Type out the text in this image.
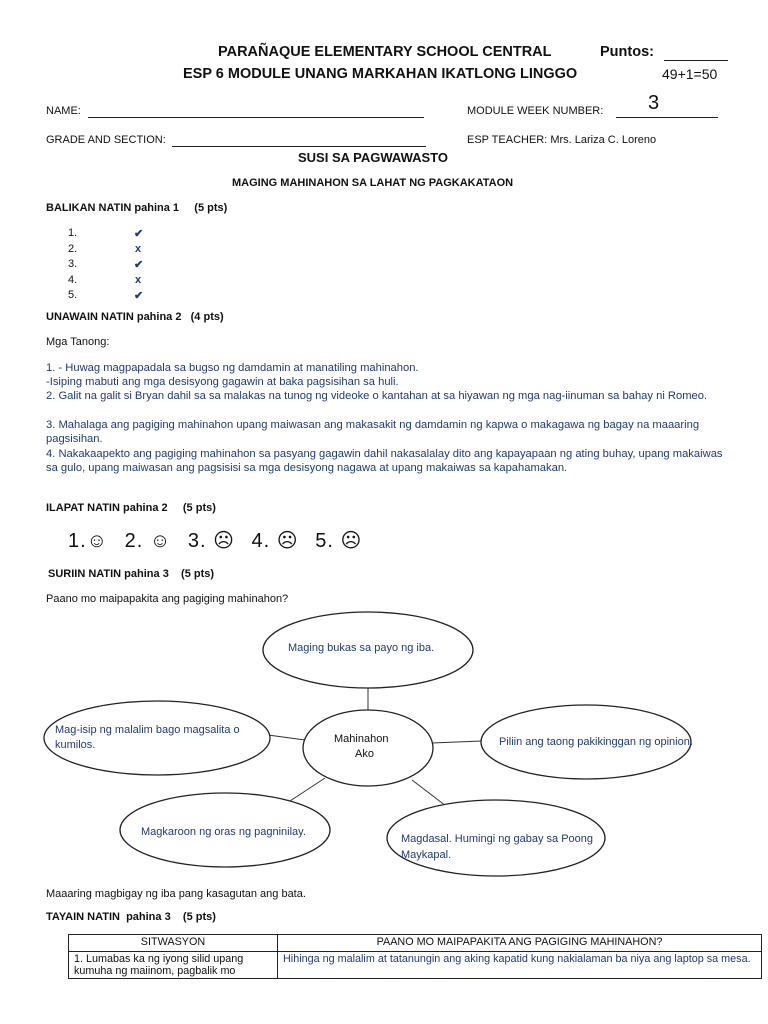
PARAÑAQUE ELEMENTARY SCHOOL CENTRAL
ESP 6 MODULE UNANG MARKAHAN IKATLONG LINGGO
Puntos:
49+1=50
NAME:	MODULE WEEK NUMBER: 3
GRADE AND SECTION:	ESP TEACHER: Mrs. Lariza C. Loreno
SUSI SA PAGWAWASTO
MAGING MAHINAHON SA LAHAT NG PAGKAKATAON
BALIKAN NATIN pahina 1     (5 pts)
1.	✔
2.	x
3.	✔
4.	x
5.	✔
UNAWAIN NATIN pahina 2   (4 pts)
Mga Tanong:
1. - Huwag magpapadala sa bugso ng damdamin at manatiling mahinahon.
-Isiping mabuti ang mga desisyong gagawin at baka pagsisihan sa huli.
2. Galit na galit si Bryan dahil sa sa malakas na tunog ng videoke o kantahan at sa hiyawan ng mga nag-iinuman sa bahay ni Romeo.
3. Mahalaga ang pagiging mahinahon upang maiwasan ang makasakit ng damdamin ng kapwa o makagawa ng bagay na maaaring pagsisihan.
4. Nakakaapekto ang pagiging mahinahon sa pasyang gagawin dahil nakasalalay dito ang kapayapaan ng ating buhay, upang makaiwas sa gulo, upang maiwasan ang pagsisisi sa mga desisyong nagawa at upang makaiwas sa kapahamakan.
ILAPAT NATIN pahina 2     (5 pts)
1.☺ 2. ☺ 3. ☹ 4. ☹ 5. ☹
SURIIN NATIN pahina 3    (5 pts)
Paano mo maipapakita ang pagiging mahinahon?
Maging bukas sa payo ng iba.
Mahinahon
Ako
Mag-isip ng malalim bago magsalita o
kumilos.	Piliin ang taong pakikinggan ng opinion.
Magkaroon ng oras ng pagninilay.
Magdasal. Humingi ng gabay sa Poong
Maykapal.
Maaaring magbigay ng iba pang kasagutan ang bata.
TAYAIN NATIN  pahina 3    (5 pts)
SITWASYON	PAANO MO MAIPAPAKITA ANG PAGIGING MAHINAHON?
1. Lumabas ka ng iyong silid upang kumuha ng maiinom, pagbalik mo	Hihinga ng malalim at tatanungin ang aking kapatid kung nakialaman ba niya ang laptop sa mesa.
